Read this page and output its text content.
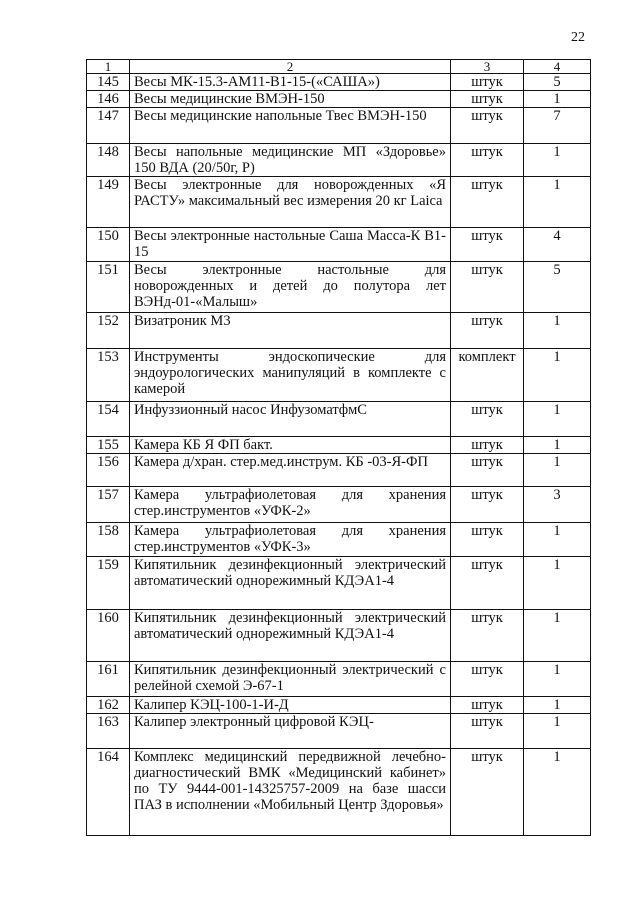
22
1	2	3	4
145	Весы МК-15.3-АМ11-В1-15-(«САША»)	штук	5
146	Весы медицинские ВМЭН-150	штук	1
147	Весы медицинские напольные Твес ВМЭН-150	штук	7
148	Весы напольные медицинские МП «Здоровье» 150 ВДА (20/50г, Р)	штук	1
149	Весы электронные для новорожденных «Я РАСТУ» максимальный вес измерения 20 кг Laica	штук	1
150	Весы электронные настольные Саша Масса-К В1-15	штук	4
151	Весы электронные настольные для новорожденных и детей до полутора лет ВЭНд-01-«Малыш»	штук	5
152	Визатроник М3	штук	1
153	Инструменты эндоскопические для эндоурологических манипуляций в комплекте с камерой	комплект	1
154	Инфуззионный насос ИнфузоматфмС	штук	1
155	Камера КБ Я ФП бакт.	штук	1
156	Камера д/хран. стер.мед.инструм. КБ -03-Я-ФП	штук	1
157	Камера ультрафиолетовая для хранения стер.инструментов «УФК-2»	штук	3
158	Камера ультрафиолетовая для хранения стер.инструментов «УФК-3»	штук	1
159	Кипятильник дезинфекционный электрический автоматический однорежимный КДЭА1-4	штук	1
160	Кипятильник дезинфекционный электрический автоматический однорежимный КДЭА1-4	штук	1
161	Кипятильник дезинфекционный электрический с релейной схемой Э-67-1	штук	1
162	Калипер КЭЦ-100-1-И-Д	штук	1
163	Калипер электронный цифровой КЭЦ-	штук	1
164	Комплекс медицинский передвижной лечебно-диагностический ВМК «Медицинский кабинет» по ТУ 9444-001-14325757-2009 на базе шасси ПАЗ в исполнении «Мобильный Центр Здоровья»	штук	1
